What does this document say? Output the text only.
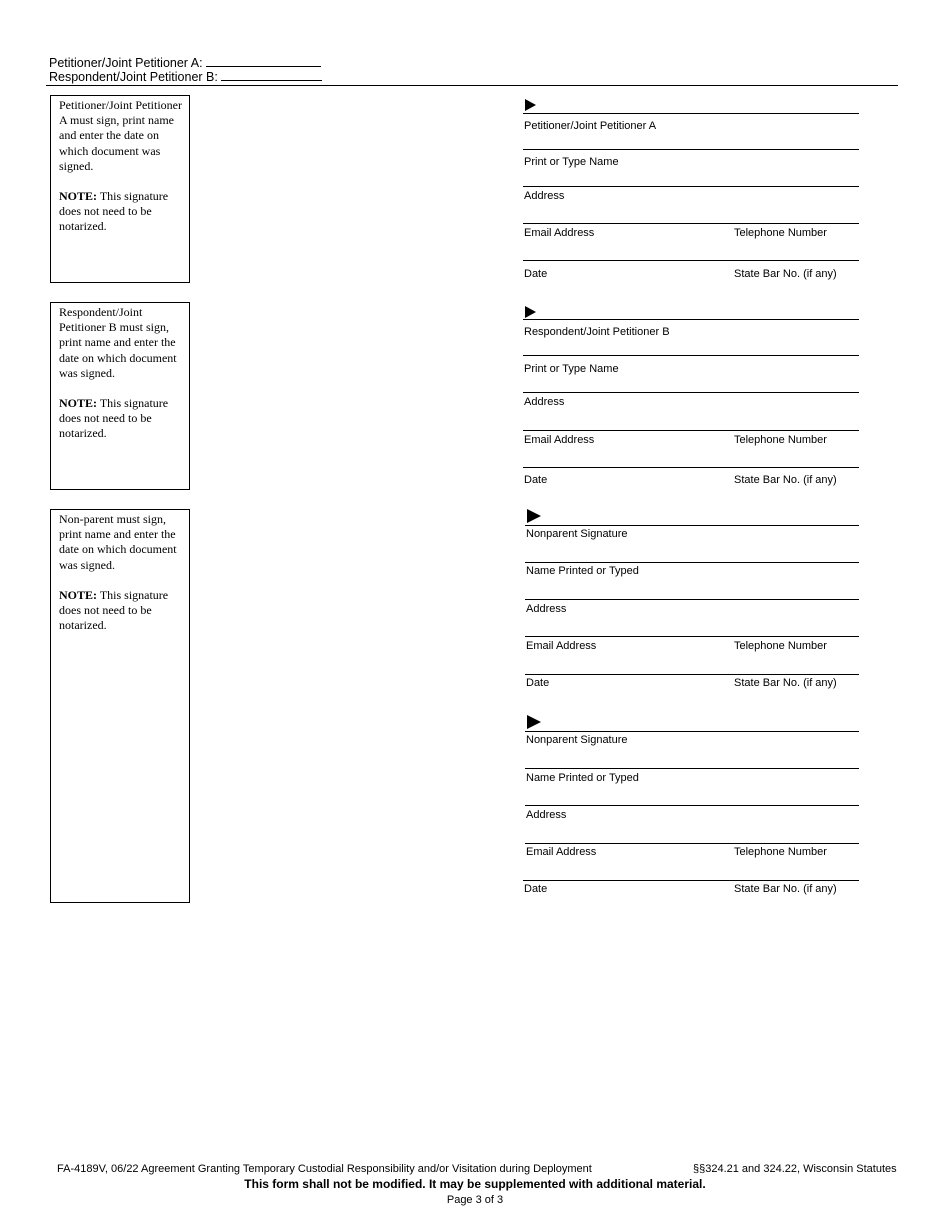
Petitioner/Joint Petitioner A:
Respondent/Joint Petitioner B:

Petitioner/Joint Petitioner A must sign, print name and enter the date on which document was signed.

NOTE: This signature does not need to be notarized.

Respondent/Joint Petitioner B must sign, print name and enter the date on which document was signed.

NOTE: This signature does not need to be notarized.

Non-parent must sign, print name and enter the date on which document was signed.

NOTE: This signature does not need to be notarized.

Petitioner/Joint Petitioner A
Print or Type Name
Address
Email Address	Telephone Number
Date	State Bar No. (if any)
Respondent/Joint Petitioner B
Print or Type Name
Address
Email Address	Telephone Number
Date	State Bar No. (if any)
Nonparent Signature
Name Printed or Typed
Address
Email Address	Telephone Number
Date	State Bar No. (if any)
Nonparent Signature
Name Printed or Typed
Address
Email Address	Telephone Number
Date	State Bar No. (if any)
FA-4189V, 06/22 Agreement Granting Temporary Custodial Responsibility and/or Visitation during Deployment	§§324.21 and 324.22, Wisconsin Statutes
This form shall not be modified. It may be supplemented with additional material.
Page 3 of 3
